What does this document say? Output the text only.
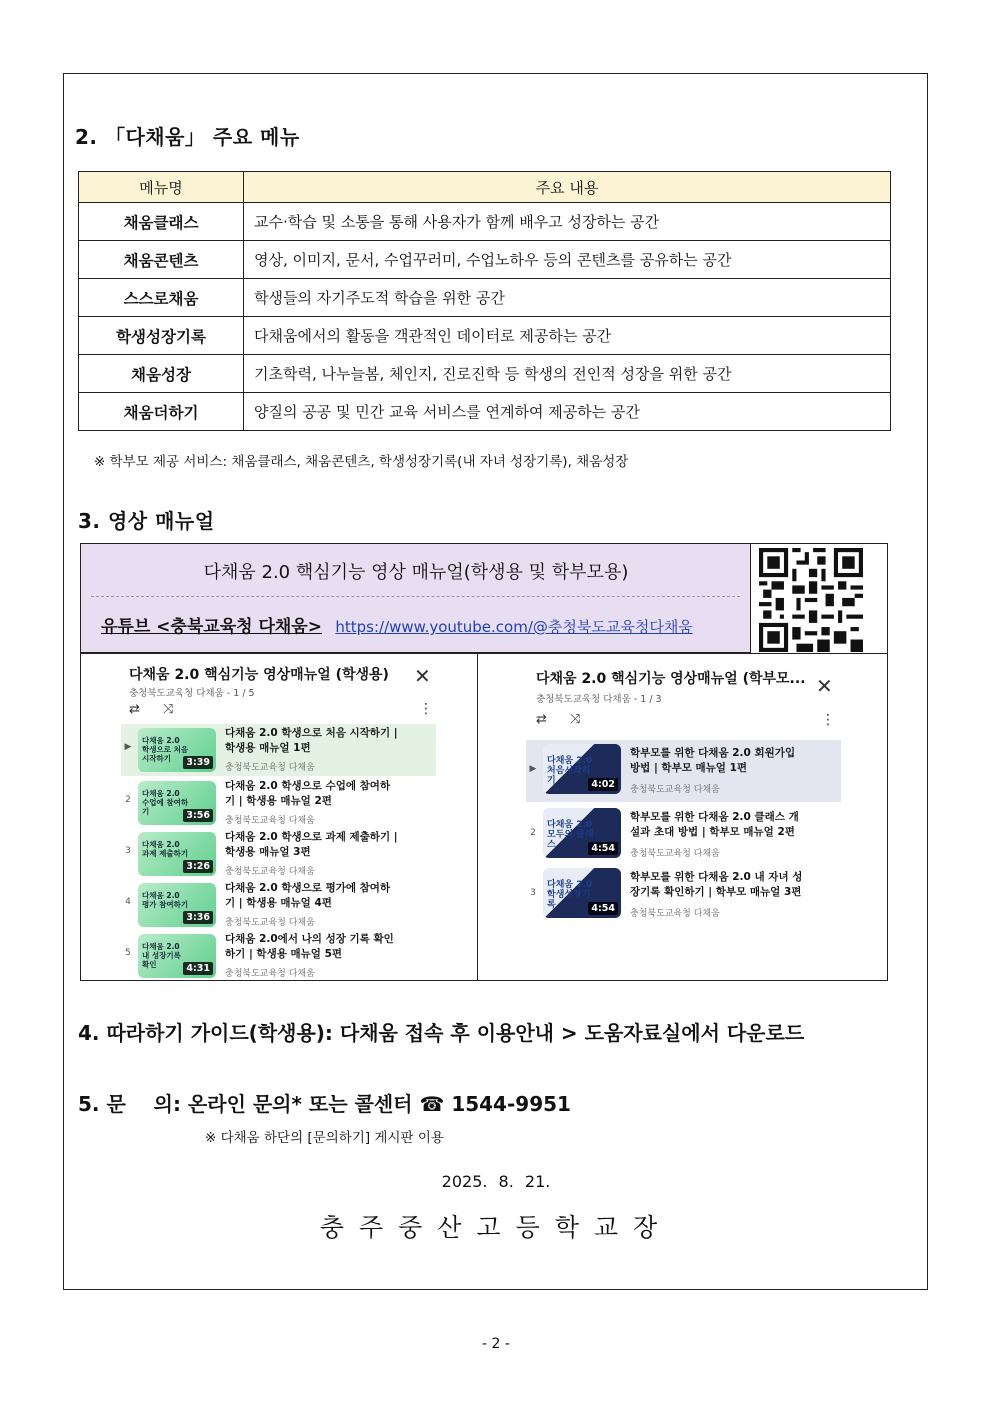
2. 「다채움」 주요 메뉴
메뉴명	주요 내용
채움클래스	교수·학습 및 소통을 통해 사용자가 함께 배우고 성장하는 공간
채움콘텐츠	영상, 이미지, 문서, 수업꾸러미, 수업노하우 등의 콘텐츠를 공유하는 공간
스스로채움	학생들의 자기주도적 학습을 위한 공간
학생성장기록	다채움에서의 활동을 객관적인 데이터로 제공하는 공간
채움성장	기초학력, 나누늘봄, 체인지, 진로진학 등 학생의 전인적 성장을 위한 공간
채움더하기	양질의 공공 및 민간 교육 서비스를 연계하여 제공하는 공간
※ 학부모 제공 서비스: 채움클래스, 채움콘텐츠, 학생성장기록(내 자녀 성장기록), 채움성장
3. 영상 매뉴얼
다채움 2.0 핵심기능 영상 매뉴얼(학생용 및 학부모용)
유튜브 <충북교육청 다채움> https://www.youtube.com/@충청북도교육청다채움
다채움 2.0 핵심기능 영상매뉴얼 (학생용)
충청북도교육청 다채움 - 1 / 5
✕
⇄ ⤨	⋮
▶
다채움 2.0 학생으로 처음 시작하기	3:39
다채움 2.0 학생으로 처음 시작하기 |
학생용 매뉴얼 1편
충청북도교육청 다채움
2
다채움 2.0 수업에 참여하기	3:56
다채움 2.0 학생으로 수업에 참여하
기 | 학생용 매뉴얼 2편
충청북도교육청 다채움
3
다채움 2.0 과제 제출하기
3:26
다채움 2.0 학생으로 과제 제출하기 |
학생용 매뉴얼 3편
충청북도교육청 다채움
4
다채움 2.0 평가 참여하기
3:36
다채움 2.0 학생으로 평가에 참여하
기 | 학생용 매뉴얼 4편
충청북도교육청 다채움
5
다채움 2.0 내 성장기록 확인	4:31
다채움 2.0에서 나의 성장 기록 확인
하기 | 학생용 매뉴얼 5편
충청북도교육청 다채움
다채움 2.0 핵심기능 영상매뉴얼 (학부모...
충청북도교육청 다채움 - 1 / 3
✕
⇄ ⤨	⋮
▶
다채움 2.0 처음시작하기	4:02
학부모를 위한 다채움 2.0 회원가입
방법 | 학부모 매뉴얼 1편
충청북도교육청 다채움
2
다채움 2.0 모두의 클래스	4:54
학부모를 위한 다채움 2.0 클래스 개
설과 초대 방법 | 학부모 매뉴얼 2편
충청북도교육청 다채움
3
다채움 2.0 학생성장기록	4:54
학부모를 위한 다채움 2.0 내 자녀 성
장기록 확인하기 | 학부모 매뉴얼 3편
충청북도교육청 다채움
4. 따라하기 가이드(학생용): 다채움 접속 후 이용안내 > 도움자료실에서 다운로드
5. 문    의: 온라인 문의* 또는 콜센터 ☎ 1544-9951
※ 다채움 하단의 [문의하기] 게시판 이용
2025. 8. 21.
충주중산고등학교장
- 2 -
